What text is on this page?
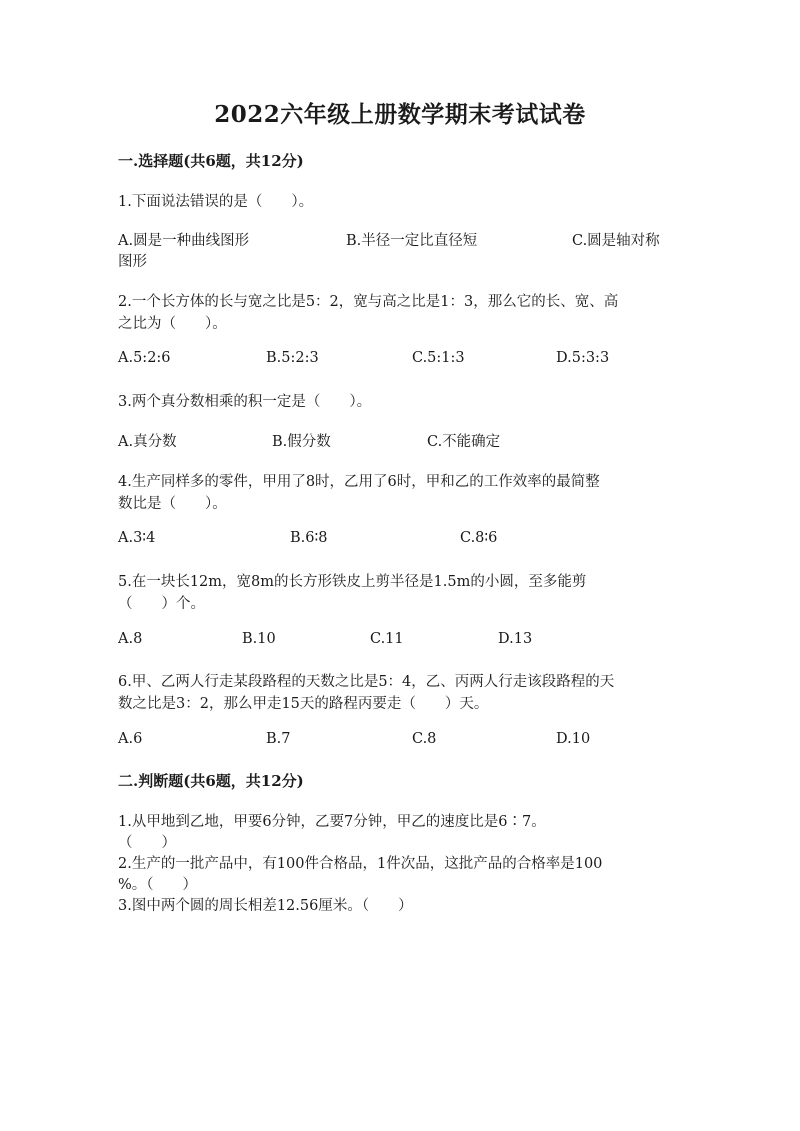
2022六年级上册数学期末考试试卷
一.选择题(共6题，共12分)
1.下面说法错误的是（　　）。
A.圆是一种曲线图形	B.半径一定比直径短	C.圆是轴对称
图形
2.一个长方体的长与宽之比是5：2，宽与高之比是1：3，那么它的长、宽、高
之比为（　　）。
A.5:2:6	B.5:2:3	C.5:1:3	D.5:3:3
3.两个真分数相乘的积一定是（　　）。
A.真分数	B.假分数	C.不能确定
4.生产同样多的零件，甲用了8时，乙用了6时，甲和乙的工作效率的最简整
数比是（　　）。
A.3∶4	B.6∶8	C.8∶6
5.在一块长12m，宽8m的长方形铁皮上剪半径是1.5m的小圆，至多能剪
（　　）个。
A.8	B.10	C.11	D.13
6.甲、乙两人行走某段路程的天数之比是5：4，乙、丙两人行走该段路程的天
数之比是3：2，那么甲走15天的路程丙要走（　　）天。
A.6	B.7	C.8	D.10
二.判断题(共6题，共12分)
1.从甲地到乙地，甲要6分钟，乙要7分钟，甲乙的速度比是6∶7。
（　　）
2.生产的一批产品中，有100件合格品，1件次品，这批产品的合格率是100
%。（　　）
3.图中两个圆的周长相差12.56厘米。（　　）
